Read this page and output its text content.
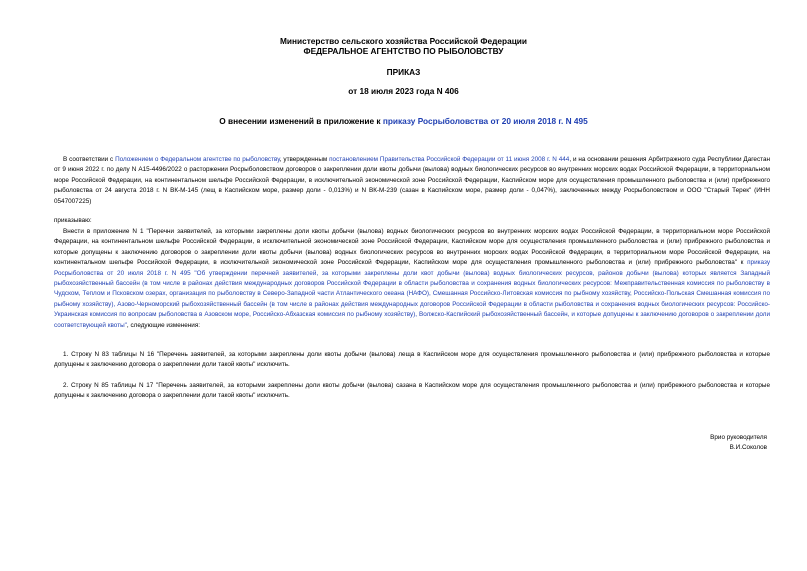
Министерство сельского хозяйства Российской Федерации
ФЕДЕРАЛЬНОЕ АГЕНТСТВО ПО РЫБОЛОВСТВУ
ПРИКАЗ
от 18 июля 2023 года N 406
О внесении изменений в приложение к приказу Росрыболовства от 20 июля 2018 г. N 495
В соответствии с Положением о Федеральном агентстве по рыболовству, утвержденным постановлением Правительства Российской Федерации от 11 июня 2008 г. N 444, и на основании решения Арбитражного суда Республики Дагестан от 9 июня 2022 г. по делу N А15-4496/2022 о расторжении Росрыболовством договоров о закреплении доли квоты добычи (вылова) водных биологических ресурсов во внутренних морских водах Российской Федерации, в территориальном море Российской Федерации, на континентальном шельфе Российской Федерации, в исключительной экономической зоне Российской Федерации, Каспийском море для осуществления промышленного рыболовства и (или) прибрежного рыболовства от 24 августа 2018 г. N ВК-М-145 (лещ в Каспийском море, размер доли - 0,013%) и N ВК-М-239 (сазан в Каспийском море, размер доли - 0,047%), заключенных между Росрыболовством и ООО "Старый Терек" (ИНН 0547007225)
приказываю:
Внести в приложение N 1 "Перечни заявителей, за которыми закреплены доли квоты добычи (вылова) водных биологических ресурсов во внутренних морских водах Российской Федерации, в территориальном море Российской Федерации, на континентальном шельфе Российской Федерации, в исключительной экономической зоне Российской Федерации, Каспийском море для осуществления промышленного рыболовства и (или) прибрежного рыболовства и которые допущены к заключению договоров о закреплении доли квоты добычи (вылова) водных биологических ресурсов во внутренних морских водах Российской Федерации, в территориальном море Российской Федерации, на континентальном шельфе Российской Федерации, в исключительной экономической зоне Российской Федерации, Каспийском море для осуществления промышленного рыболовства и (или) прибрежного рыболовства" к приказу Росрыболовства от 20 июля 2018 г. N 495 "Об утверждении перечней заявителей, за которыми закреплены доли квот добычи (вылова) водных биологических ресурсов, районов добычи (вылова) которых является Западный рыбохозяйственный бассейн (в том числе в районах действия международных договоров Российской Федерации в области рыболовства и сохранения водных биологических ресурсов: Межправительственная комиссия по рыболовству в Чудском, Теплом и Псковском озерах, организация по рыболовству в Северо-Западной части Атлантического океана (НАФО), Смешанная Российско-Литовская комиссия по рыбному хозяйству, Российско-Польская Смешанная комиссия по рыбному хозяйству), Азово-Черноморский рыбохозяйственный бассейн (в том числе в районах действия международных договоров Российской Федерации в области рыболовства и сохранения водных биологических ресурсов: Российско-Украинская комиссия по вопросам рыболовства в Азовском море, Российско-Абхазская комиссия по рыбному хозяйству), Волжско-Каспийский рыбохозяйственный бассейн, и которые допущены к заключению договоров о закреплении доли соответствующей квоты", следующие изменения:
1. Строку N 83 таблицы N 16 "Перечень заявителей, за которыми закреплены доли квоты добычи (вылова) леща в Каспийском море для осуществления промышленного рыболовства и (или) прибрежного рыболовства и которые допущены к заключению договора о закреплении доли такой квоты" исключить.
2. Строку N 85 таблицы N 17 "Перечень заявителей, за которыми закреплены доли квоты добычи (вылова) сазана в Каспийском море для осуществления промышленного рыболовства и (или) прибрежного рыболовства и которые допущены к заключению договора о закреплении доли такой квоты" исключить.
Врио руководителя
В.И.Соколов
